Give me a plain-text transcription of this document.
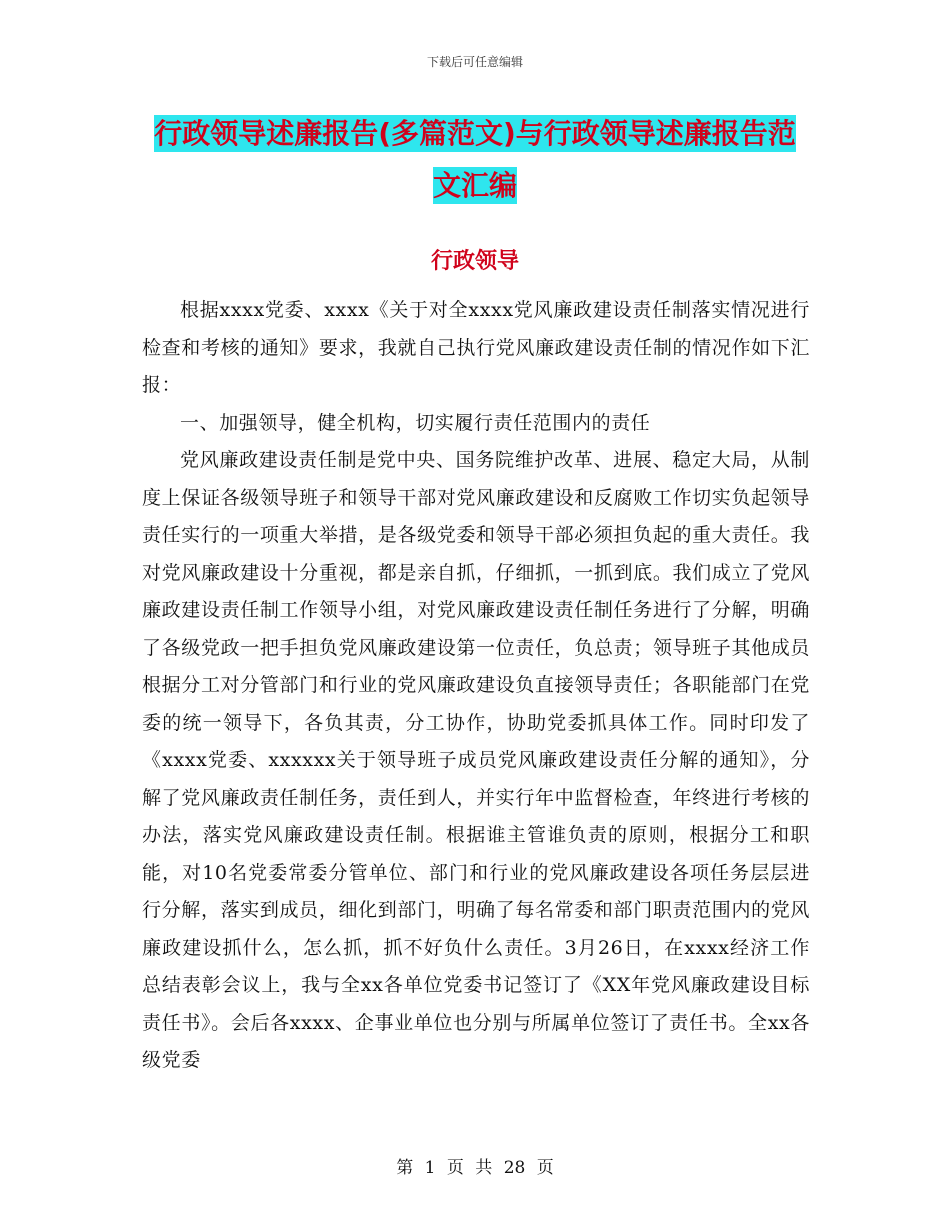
下载后可任意编辑
行政领导述廉报告(多篇范文)与行政领导述廉报告范
文汇编
行政领导

根据xxxx党委、xxxx《关于对全xxxx党风廉政建设责任制落实情况进行检查和考核的通知》要求，我就自己执行党风廉政建设责任制的情况作如下汇报：

一、加强领导，健全机构，切实履行责任范围内的责任

党风廉政建设责任制是党中央、国务院维护改革、进展、稳定大局，从制度上保证各级领导班子和领导干部对党风廉政建设和反腐败工作切实负起领导责任实行的一项重大举措，是各级党委和领导干部必须担负起的重大责任。我对党风廉政建设十分重视，都是亲自抓，仔细抓，一抓到底。我们成立了党风廉政建设责任制工作领导小组，对党风廉政建设责任制任务进行了分解，明确了各级党政一把手担负党风廉政建设第一位责任，负总责；领导班子其他成员根据分工对分管部门和行业的党风廉政建设负直接领导责任；各职能部门在党委的统一领导下，各负其责，分工协作，协助党委抓具体工作。同时印发了《xxxx党委、xxxxxx关于领导班子成员党风廉政建设责任分解的通知》，分解了党风廉政责任制任务，责任到人，并实行年中监督检查，年终进行考核的办法，落实党风廉政建设责任制。根据谁主管谁负责的原则，根据分工和职能，对10名党委常委分管单位、部门和行业的党风廉政建设各项任务层层进行分解，落实到成员，细化到部门，明确了每名常委和部门职责范围内的党风廉政建设抓什么，怎么抓，抓不好负什么责任。3月26日，在xxxx经济工作总结表彰会议上，我与全xx各单位党委书记签订了《XX年党风廉政建设目标责任书》。会后各xxxx、企事业单位也分别与所属单位签订了责任书。全xx各级党委

第 1 页 共 28 页
